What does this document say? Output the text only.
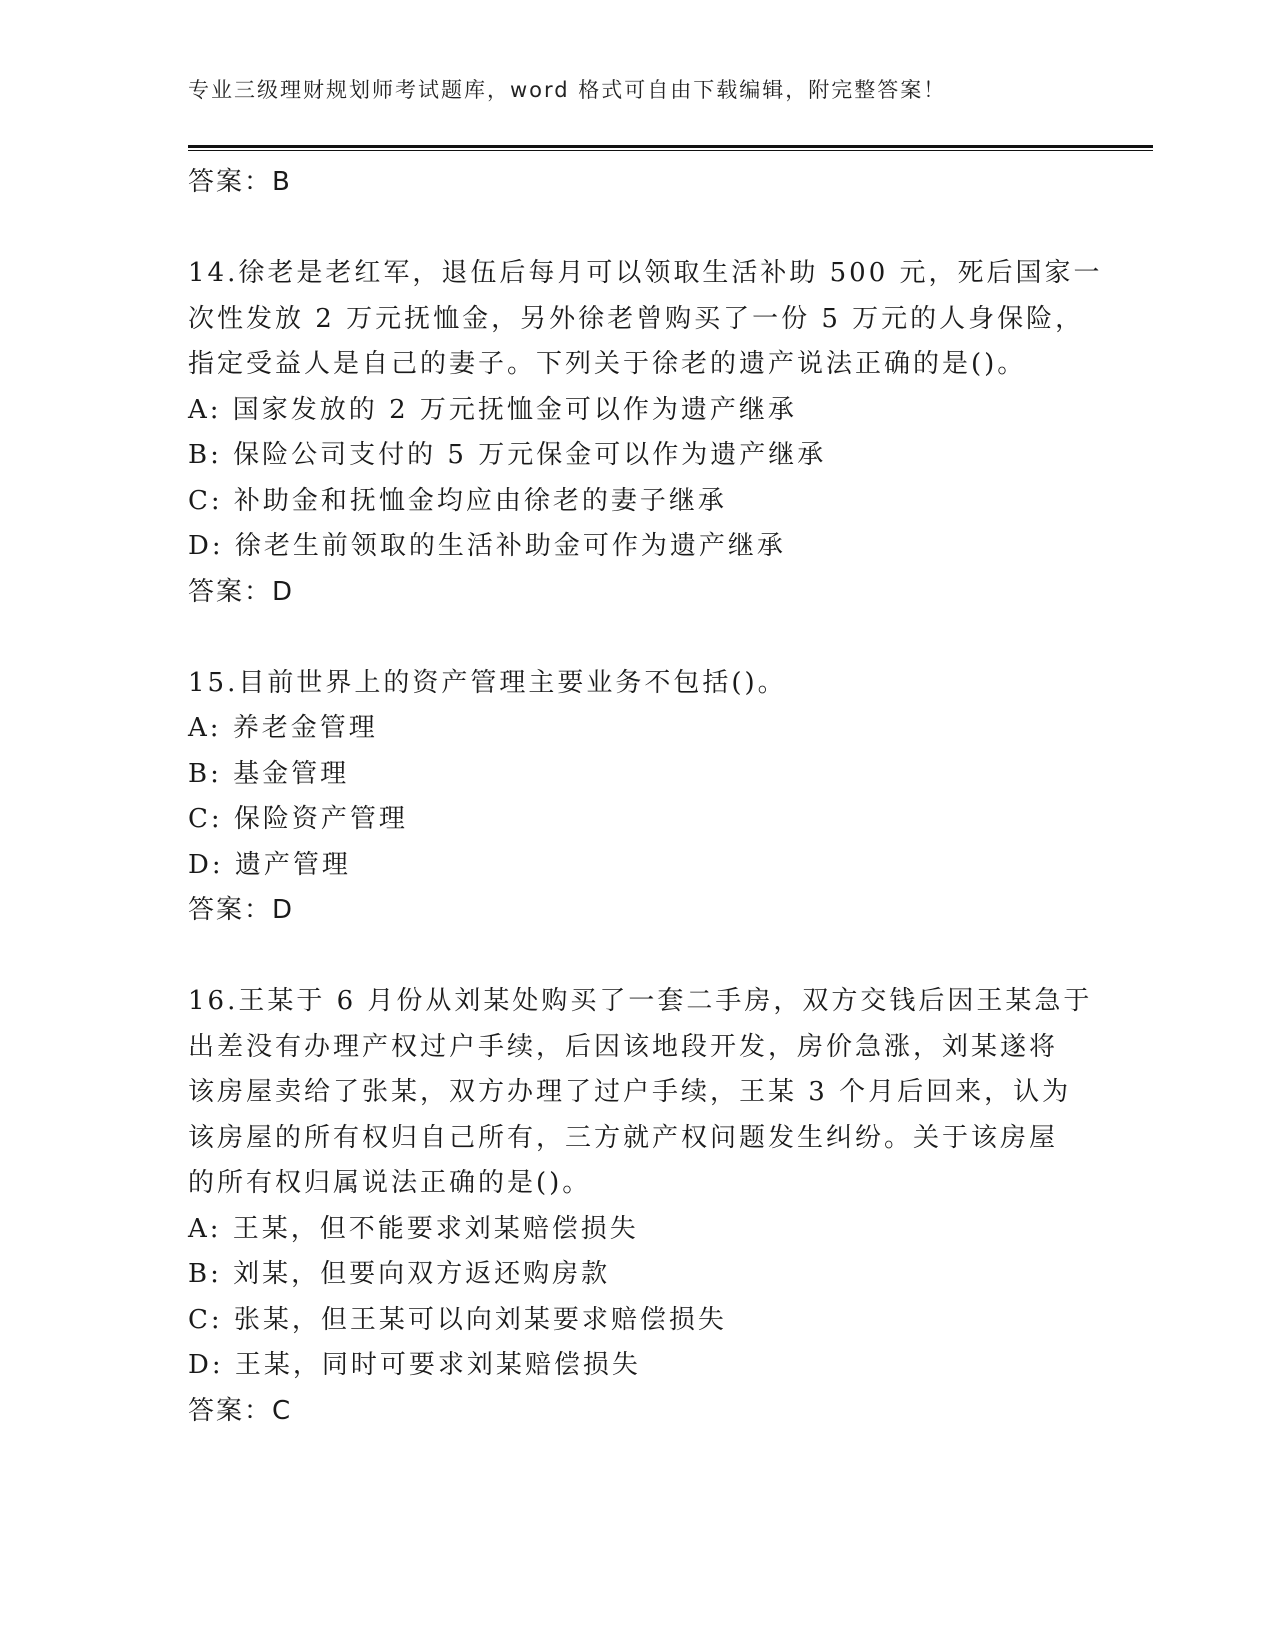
专业三级理财规划师考试题库，word 格式可自由下载编辑，附完整答案！
答案：B
14.徐老是老红军，退伍后每月可以领取生活补助 500 元，死后国家一
次性发放 2 万元抚恤金，另外徐老曾购买了一份 5 万元的人身保险，
指定受益人是自己的妻子。下列关于徐老的遗产说法正确的是()。
A: 国家发放的 2 万元抚恤金可以作为遗产继承
B: 保险公司支付的 5 万元保金可以作为遗产继承
C: 补助金和抚恤金均应由徐老的妻子继承
D: 徐老生前领取的生活补助金可作为遗产继承
答案：D
15.目前世界上的资产管理主要业务不包括()。
A: 养老金管理
B: 基金管理
C: 保险资产管理
D: 遗产管理
答案：D
16.王某于 6 月份从刘某处购买了一套二手房，双方交钱后因王某急于
出差没有办理产权过户手续，后因该地段开发，房价急涨，刘某遂将
该房屋卖给了张某，双方办理了过户手续，王某 3 个月后回来，认为
该房屋的所有权归自己所有，三方就产权问题发生纠纷。关于该房屋
的所有权归属说法正确的是()。
A: 王某，但不能要求刘某赔偿损失
B: 刘某，但要向双方返还购房款
C: 张某，但王某可以向刘某要求赔偿损失
D: 王某，同时可要求刘某赔偿损失
答案：C
